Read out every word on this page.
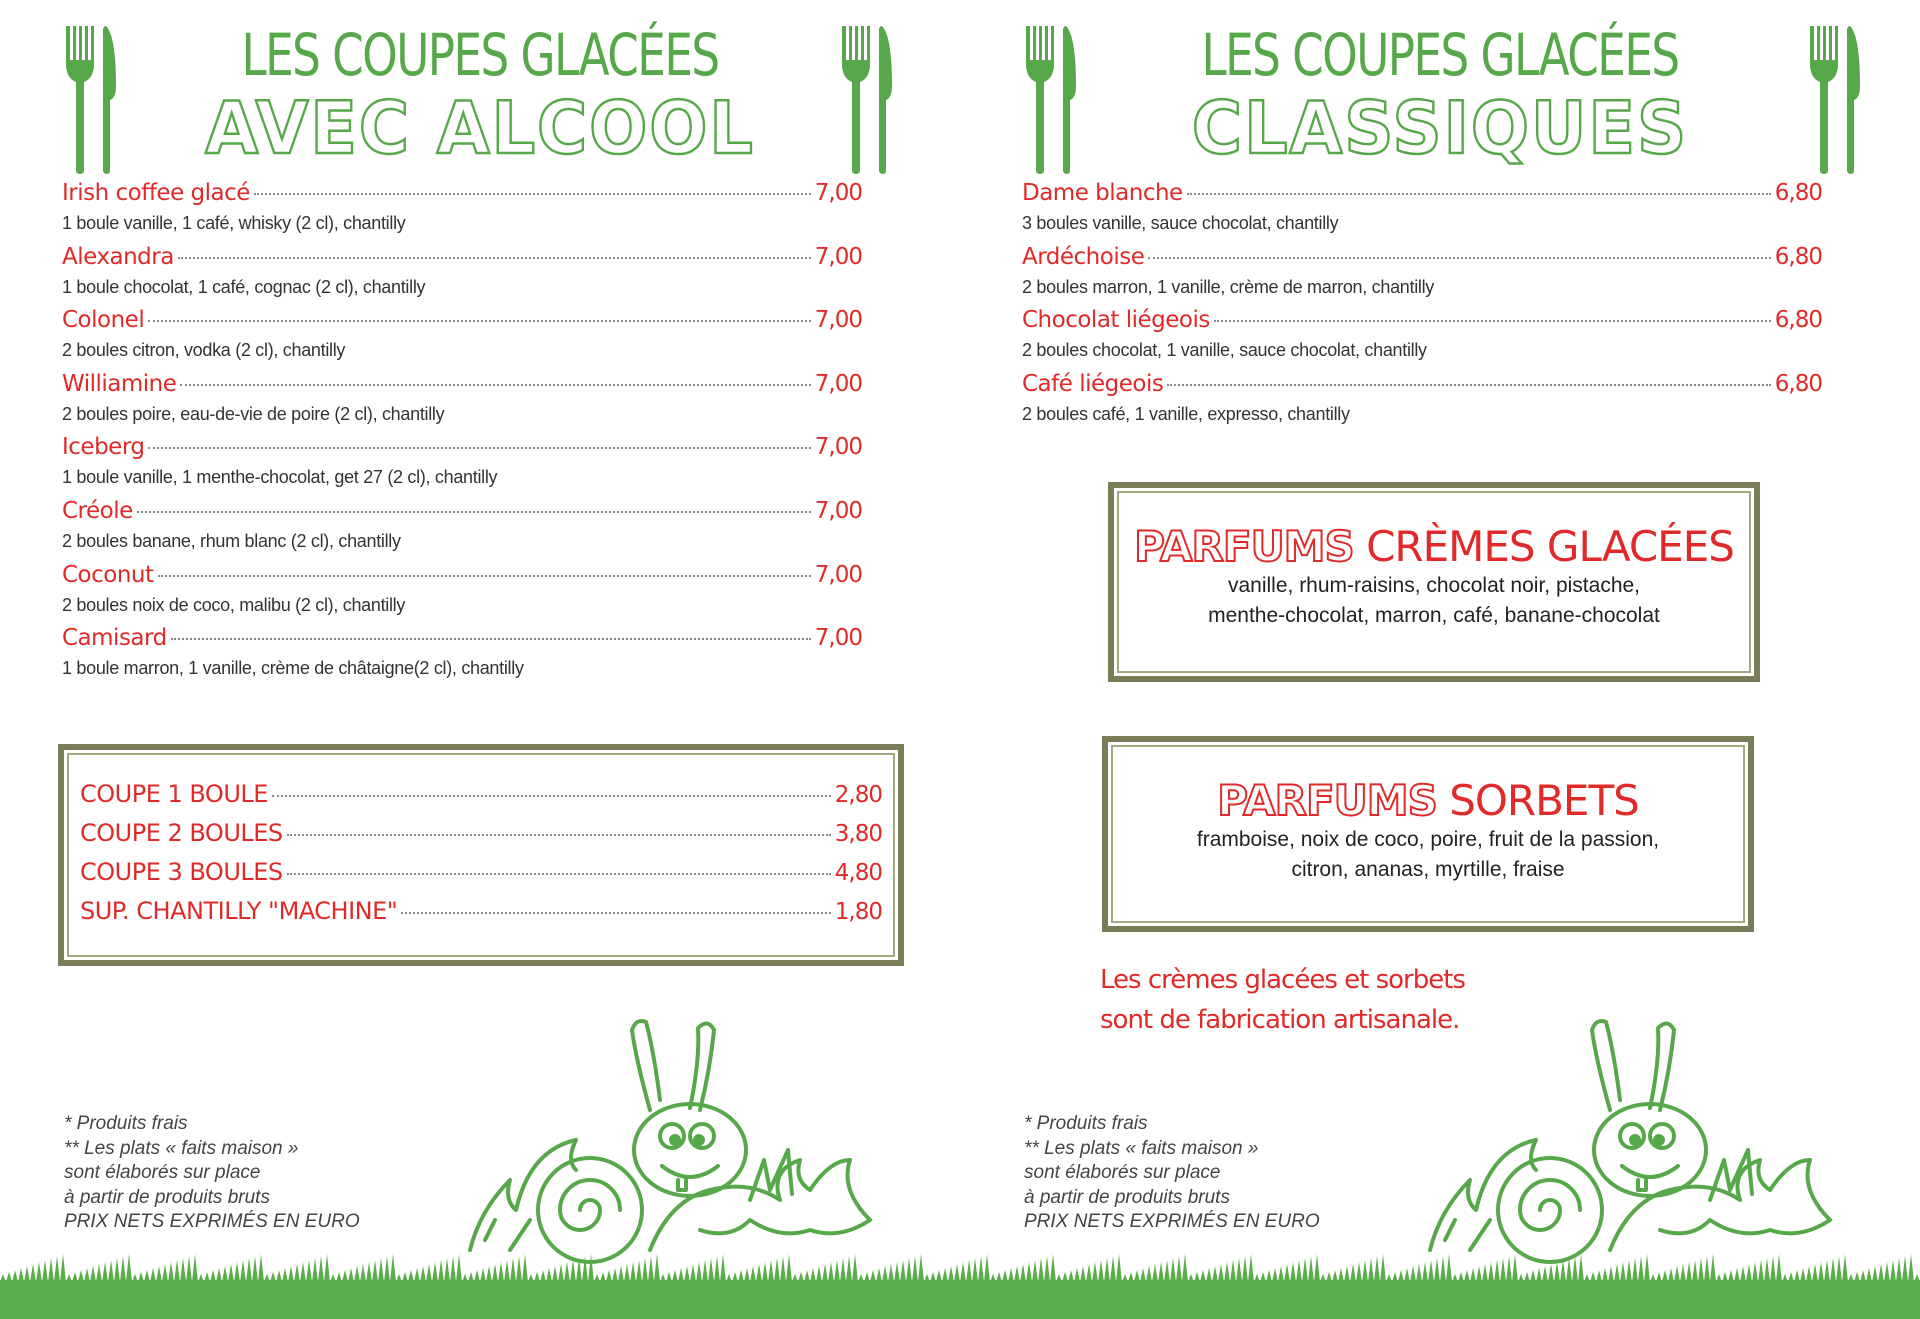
LES COUPES GLACÉES
AVEC ALCOOL
Irish coffee glacé	7,00
1 boule vanille, 1 café, whisky (2 cl), chantilly
Alexandra	7,00
1 boule chocolat, 1 café, cognac (2 cl), chantilly
Colonel	7,00
2 boules citron, vodka (2 cl), chantilly
Williamine	7,00
2 boules poire, eau-de-vie de poire (2 cl), chantilly
Iceberg	7,00
1 boule vanille, 1 menthe-chocolat, get 27 (2 cl), chantilly
Créole	7,00
2 boules banane, rhum blanc (2 cl), chantilly
Coconut	7,00
2 boules noix de coco, malibu (2 cl), chantilly
Camisard	7,00
1 boule marron, 1 vanille, crème de châtaigne(2 cl), chantilly
COUPE 1 BOULE	2,80
COUPE 2 BOULES	3,80
COUPE 3 BOULES	4,80
SUP. CHANTILLY "MACHINE"	1,80
* Produits frais
** Les plats « faits maison »
sont élaborés sur place
à partir de produits bruts
PRIX NETS EXPRIMÉS EN EURO
LES COUPES GLACÉES
CLASSIQUES
Dame blanche	6,80
3 boules vanille, sauce chocolat, chantilly
Ardéchoise	6,80
2 boules marron, 1 vanille, crème de marron, chantilly
Chocolat liégeois	6,80
2 boules chocolat, 1 vanille, sauce chocolat, chantilly
Café liégeois	6,80
2 boules café, 1 vanille, expresso, chantilly
PARFUMS CRÈMES GLACÉES
vanille, rhum-raisins, chocolat noir, pistache,
menthe-chocolat, marron, café, banane-chocolat
PARFUMS SORBETS
framboise, noix de coco, poire, fruit de la passion,
citron, ananas, myrtille, fraise
Les crèmes glacées et sorbets
sont de fabrication artisanale.
* Produits frais
** Les plats « faits maison »
sont élaborés sur place
à partir de produits bruts
PRIX NETS EXPRIMÉS EN EURO
